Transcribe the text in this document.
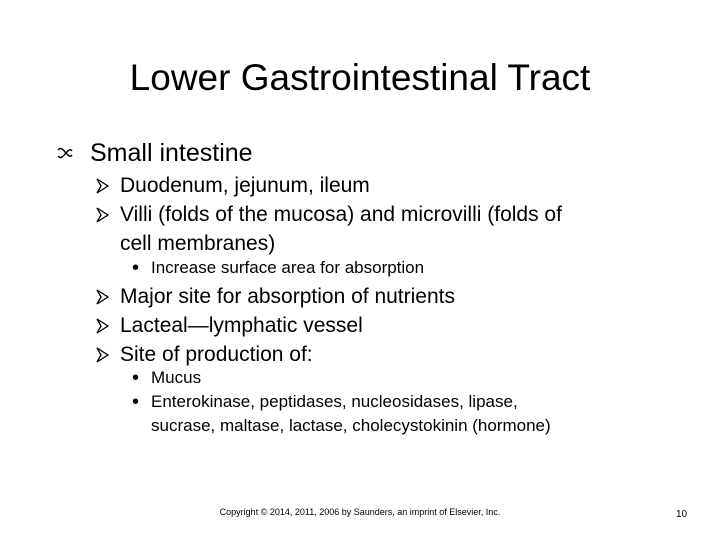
Lower Gastrointestinal Tract
Small intestine
Duodenum, jejunum, ileum
Villi (folds of the mucosa) and microvilli (folds of
cell membranes)
• Increase surface area for absorption
Major site for absorption of nutrients
Lacteal—lymphatic vessel
Site of production of:
• Mucus
• Enterokinase, peptidases, nucleosidases, lipase,
sucrase, maltase, lactase, cholecystokinin (hormone)
Copyright © 2014, 2011, 2006 by Saunders, an imprint of Elsevier, Inc.	10
